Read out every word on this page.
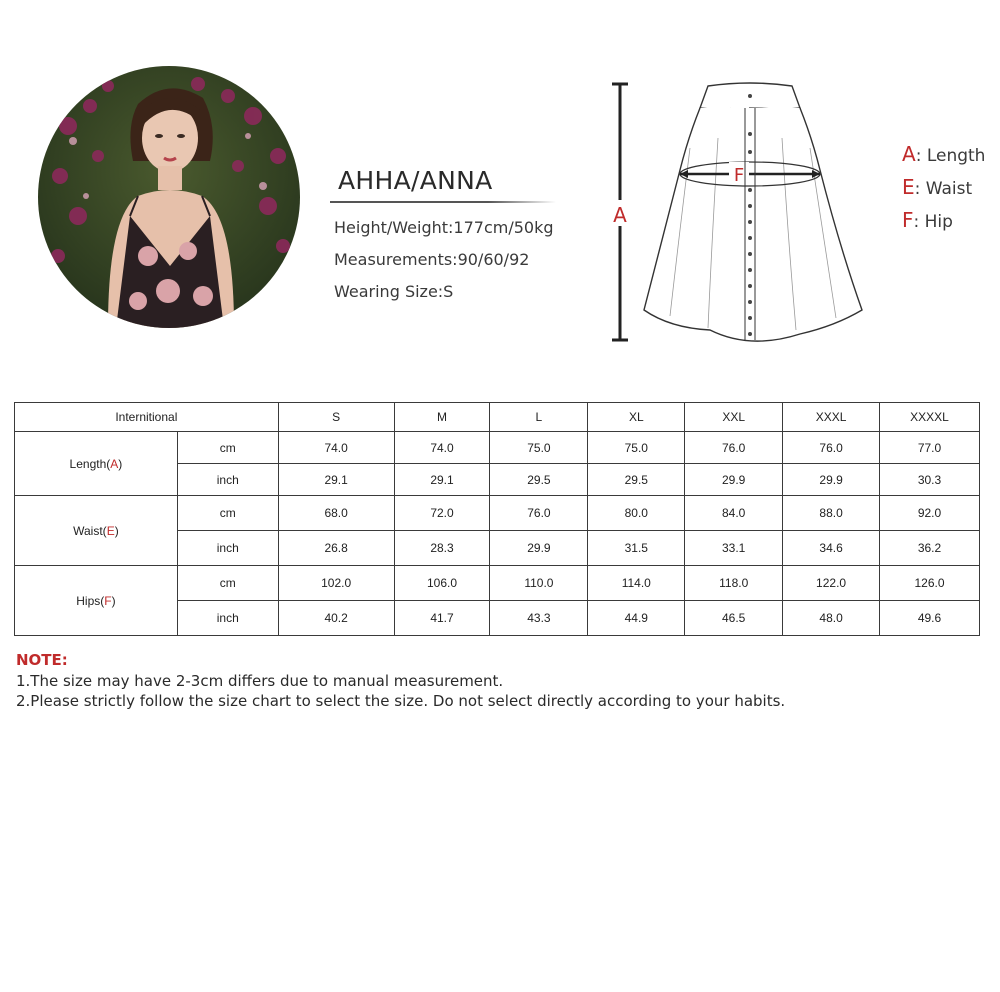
AHHA/ANNA
Height/Weight:177cm/50kg
Measurements:90/60/92
Wearing Size:S
A
F
A: Length
E: Waist
F: Hip
Internitional		S	M	L	XL	XXL	XXXL	XXXXL
Length(A)	cm	74.0	74.0	75.0	75.0	76.0	76.0	77.0
	inch	29.1	29.1	29.5	29.5	29.9	29.9	30.3
Waist(E)	cm	68.0	72.0	76.0	80.0	84.0	88.0	92.0
	inch	26.8	28.3	29.9	31.5	33.1	34.6	36.2
Hips(F)	cm	102.0	106.0	110.0	114.0	118.0	122.0	126.0
	inch	40.2	41.7	43.3	44.9	46.5	48.0	49.6
NOTE:
1.The size may have 2-3cm differs due to manual measurement.
2.Please strictly follow the size chart to select the size. Do not select directly according to your habits.
